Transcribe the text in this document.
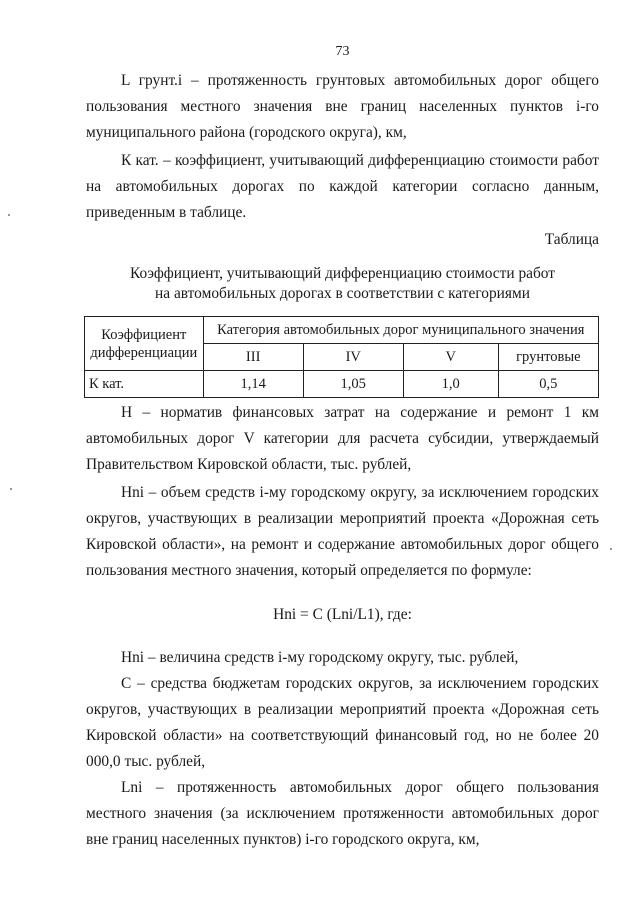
73

L грунт.i – протяженность грунтовых автомобильных дорог общего пользования местного значения вне границ населенных пунктов i-го муниципального района (городского округа), км,

К кат. – коэффициент, учитывающий дифференциацию стоимости работ на автомобильных дорогах по каждой категории согласно данным, приведенным в таблице.

Таблица

Коэффициент, учитывающий дифференциацию стоимости работ

на автомобильных дорогах в соответствии с категориями

Коэффициент дифференциации	Категория автомобильных дорог муниципального значения			
	III	IV	V	грунтовые
К кат.	1,14	1,05	1,0	0,5

Н – норматив финансовых затрат на содержание и ремонт 1 км автомобильных дорог V категории для расчета субсидии, утверждаемый Правительством Кировской области, тыс. рублей,

Нni – объем средств i-му городскому округу, за исключением городских округов, участвующих в реализации мероприятий проекта «Дорожная сеть Кировской области», на ремонт и содержание автомобильных дорог общего пользования местного значения, который определяется по формуле:

Нni = C (Lni/L1), где:

Нni – величина средств i-му городскому округу, тыс. рублей,

С – средства бюджетам городских округов, за исключением городских округов, участвующих в реализации мероприятий проекта «Дорожная сеть Кировской области» на соответствующий финансовый год, но не более 20 000,0 тыс. рублей,

Lni – протяженность автомобильных дорог общего пользования местного значения (за исключением протяженности автомобильных дорог вне границ населенных пунктов) i-го городского округа, км,
